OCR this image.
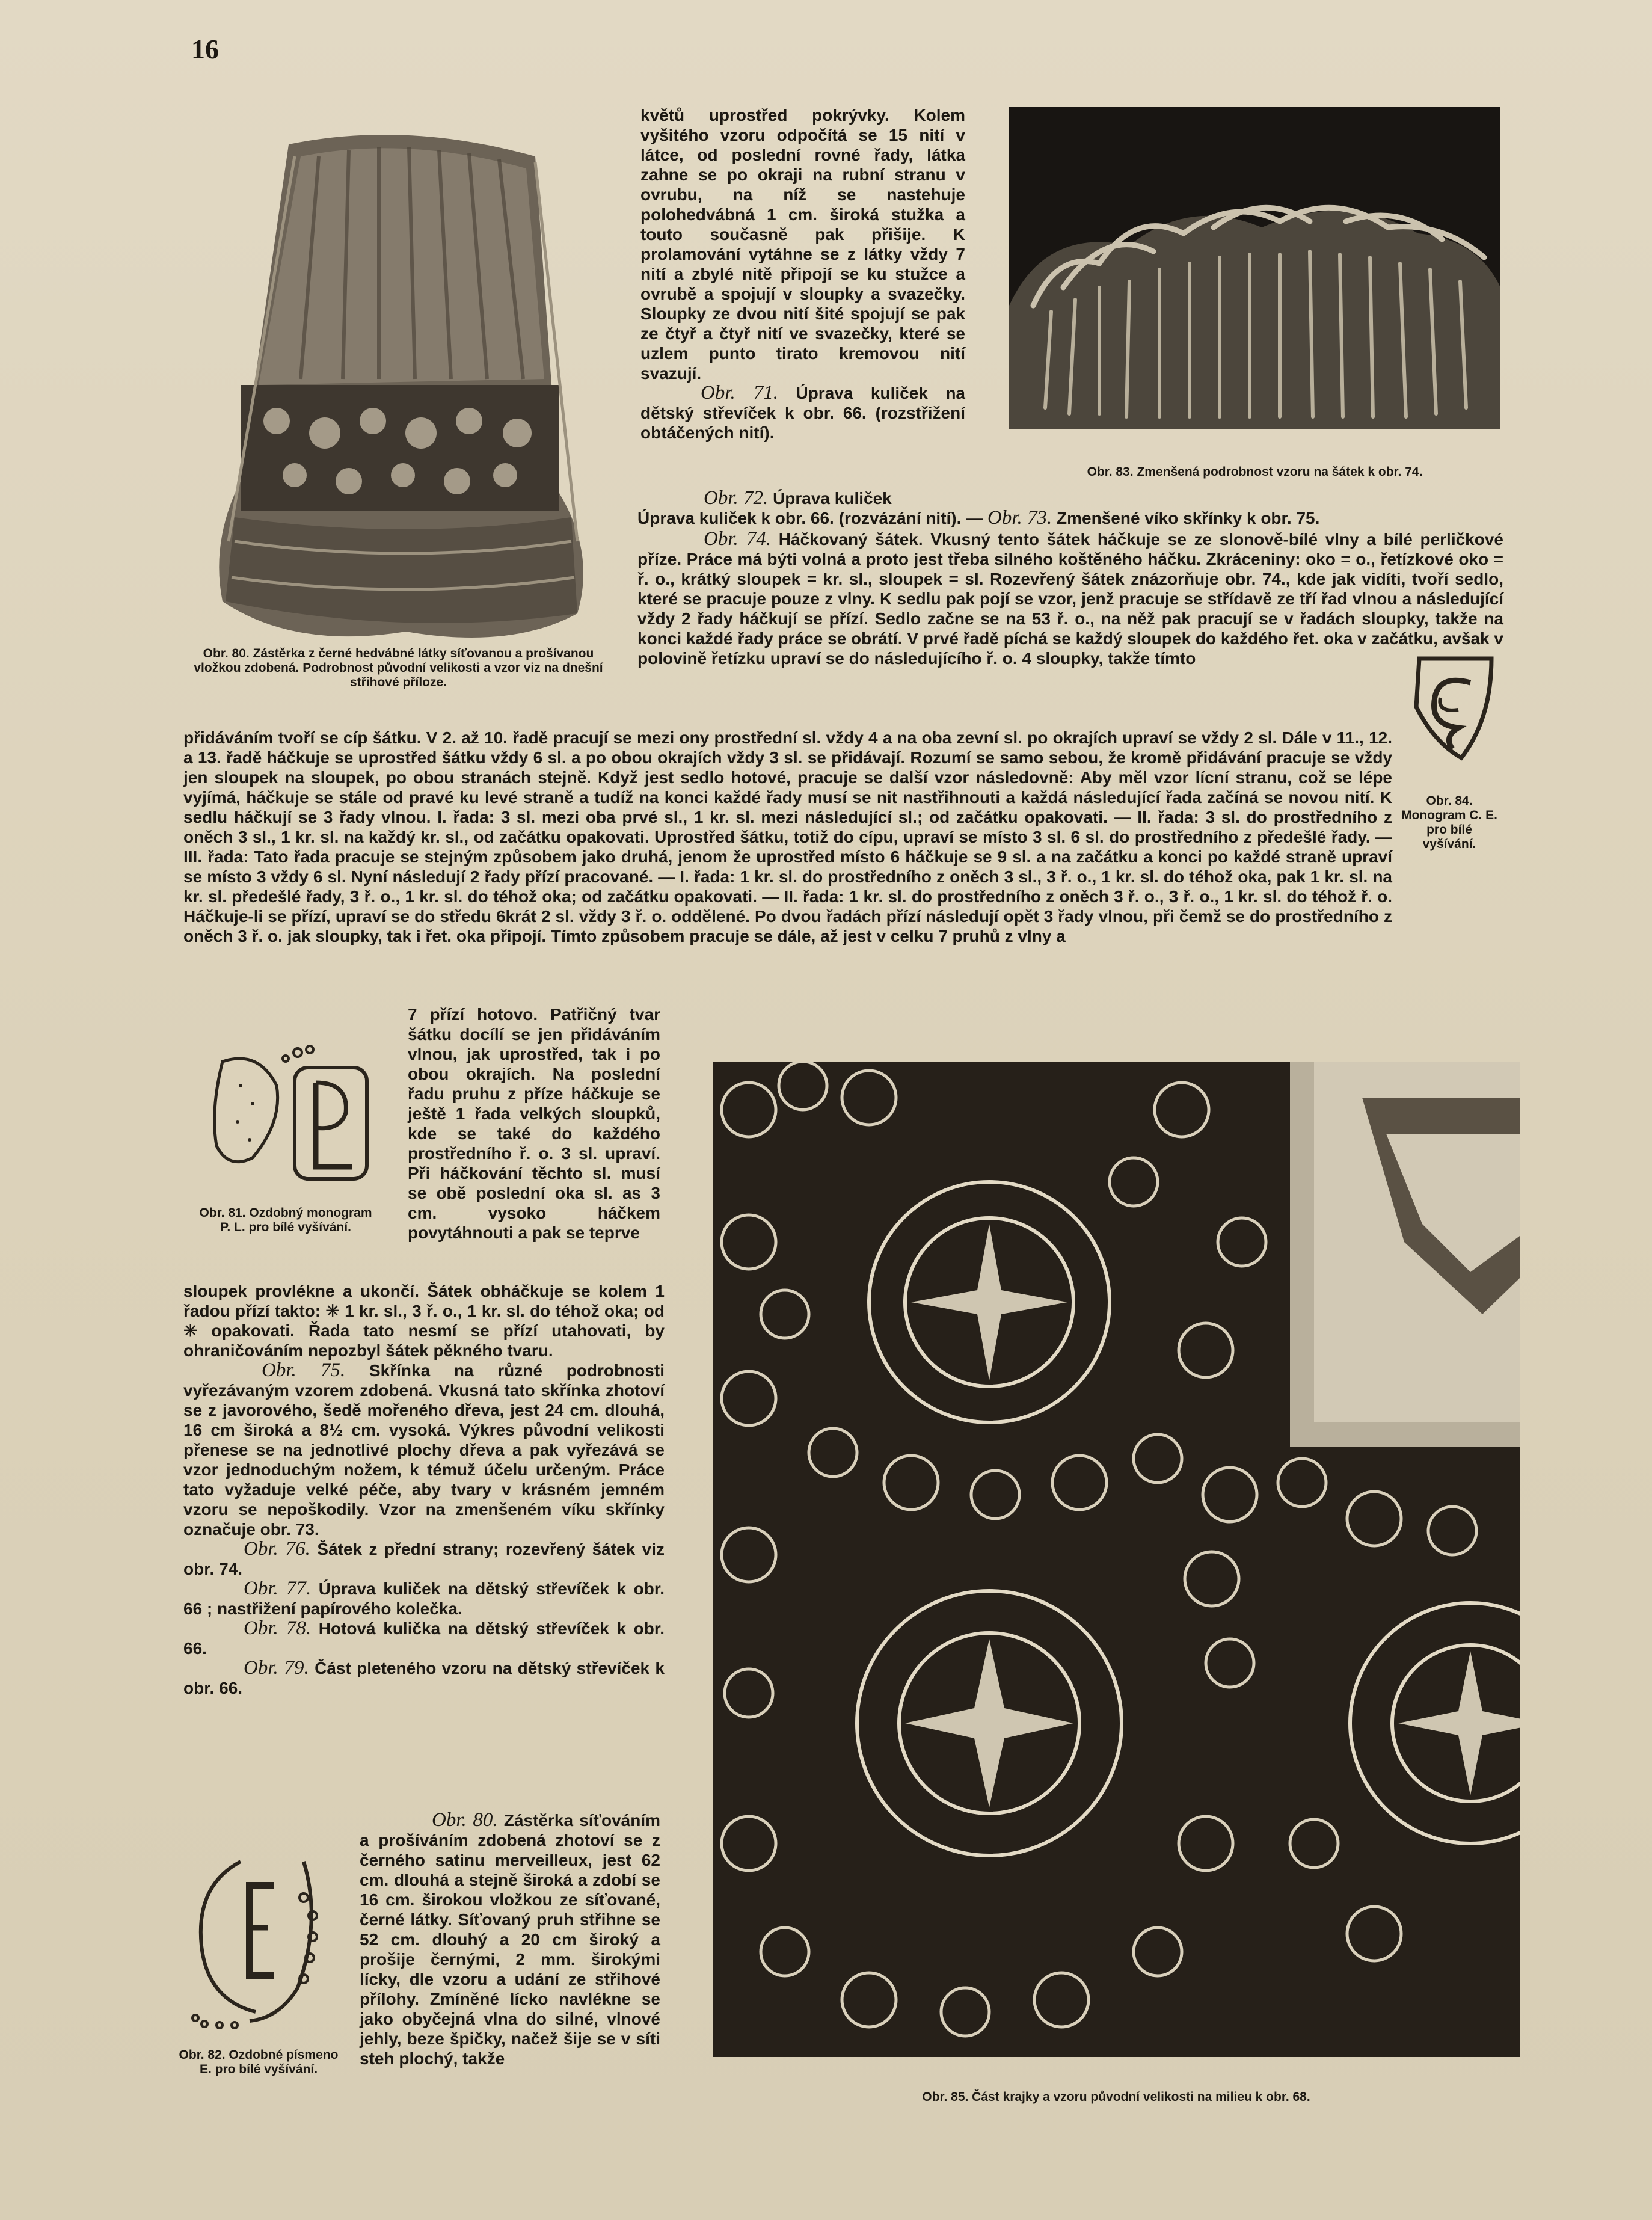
16
Obr. 80. Zástěrka z černé hedvábné látky síťovanou a prošívanou vložkou zdobená. Podrobnost původní velikosti a vzor viz na dnešní střihové příloze.

květů uprostřed pokrývky. Kolem vyšitého vzoru odpočítá se 15 nití v látce, od poslední rovné řady, látka zahne se po okraji na rubní stranu v ovrubu, na níž se nastehuje polohedvábná 1 cm. široká stužka a touto současně pak přišije. K prolamování vytáhne se z látky vždy 7 nití a zbylé nitě připojí se ku stužce a ovrubě a spojují v sloupky a svazečky. Sloupky ze dvou nití šité spojují se pak ze čtyř a čtyř nití ve svazečky, které se uzlem punto tirato kremovou nití svazují.

Obr. 71. Úprava kuliček na dětský střevíček k obr. 66. (rozstřižení obtáčených nití).

Obr. 83. Zmenšená podrobnost vzoru na šátek k obr. 74.

Obr. 72. Úprava kuliček

Úprava kuliček k obr. 66. (rozvázání nití). — Obr. 73. Zmenšené víko skřínky k obr. 75.

Obr. 74. Háčkovaný šátek. Vkusný tento šátek háčkuje se ze slonově-bílé vlny a bílé perličkové příze. Práce má býti volná a proto jest třeba silného koštěného háčku. Zkráceniny: oko = o., řetízkové oko = ř. o., krátký sloupek = kr. sl., sloupek = sl. Rozevřený šátek znázorňuje obr. 74., kde jak vidíti, tvoří sedlo, které se pracuje pouze z vlny. K sedlu pak pojí se vzor, jenž pracuje se střídavě ze tří řad vlnou a následující vždy 2 řady háčkují se přízí. Sedlo začne se na 53 ř. o., na něž pak pracují se v řadách sloupky, takže na konci každé řady práce se obrátí. V prvé řadě píchá se každý sloupek do každého řet. oka v začátku, avšak v polovině řetízku upraví se do následujícího ř. o. 4 sloupky, takže tímto

Obr. 84. Monogram C. E. pro bílé vyšívání.

přidáváním tvoří se cíp šátku. V 2. až 10. řadě pracují se mezi ony prostřední sl. vždy 4 a na oba zevní sl. po okrajích upraví se vždy 2 sl. Dále v 11., 12. a 13. řadě háčkuje se uprostřed šátku vždy 6 sl. a po obou okrajích vždy 3 sl. se přidávají. Rozumí se samo sebou, že kromě přidávání pracuje se vždy jen sloupek na sloupek, po obou stranách stejně. Když jest sedlo hotové, pracuje se další vzor následovně: Aby měl vzor lícní stranu, což se lépe vyjímá, háčkuje se stále od pravé ku levé straně a tudíž na konci každé řady musí se nit nastřihnouti a každá následující řada začíná se novou nití. K sedlu háčkují se 3 řady vlnou. I. řada: 3 sl. mezi oba prvé sl., 1 kr. sl. mezi následující sl.; od začátku opakovati. — II. řada: 3 sl. do prostředního z oněch 3 sl., 1 kr. sl. na každý kr. sl., od začátku opakovati. Uprostřed šátku, totiž do cípu, upraví se místo 3 sl. 6 sl. do prostředního z předešlé řady. — III. řada: Tato řada pracuje se stejným způsobem jako druhá, jenom že uprostřed místo 6 háčkuje se 9 sl. a na začátku a konci po každé straně upraví se místo 3 vždy 6 sl. Nyní následují 2 řady přízí pracované. — I. řada: 1 kr. sl. do prostředního z oněch 3 sl., 3 ř. o., 1 kr. sl. do téhož oka, pak 1 kr. sl. na kr. sl. předešlé řady, 3 ř. o., 1 kr. sl. do téhož oka; od začátku opakovati. — II. řada: 1 kr. sl. do prostředního z oněch 3 ř. o., 3 ř. o., 1 kr. sl. do téhož ř. o. Háčkuje-li se přízí, upraví se do středu 6krát 2 sl. vždy 3 ř. o. oddělené. Po dvou řadách přízí následují opět 3 řady vlnou, při čemž se do prostředního z oněch 3 ř. o. jak sloupky, tak i řet. oka připojí. Tímto způsobem pracuje se dále, až jest v celku 7 pruhů z vlny a

Obr. 81. Ozdobný monogram P. L. pro bílé vyšívání.

7 přízí hotovo. Patřičný tvar šátku docílí se jen přidáváním vlnou, jak uprostřed, tak i po obou okrajích. Na poslední řadu pruhu z příze háčkuje se ještě 1 řada velkých sloupků, kde se také do každého prostředního ř. o. 3 sl. upraví. Při háčkování těchto sl. musí se obě poslední oka sl. as 3 cm. vysoko háčkem povytáhnouti a pak se teprve

sloupek provlékne a ukončí. Šátek obháčkuje se kolem 1 řadou přízí takto: ✳ 1 kr. sl., 3 ř. o., 1 kr. sl. do téhož oka; od ✳ opakovati. Řada tato nesmí se přízí utahovati, by ohraničováním nepozbyl šátek pěkného tvaru.

Obr. 75. Skřínka na různé podrobnosti vyřezávaným vzorem zdobená. Vkusná tato skřínka zhotoví se z javorového, šedě mořeného dřeva, jest 24 cm. dlouhá, 16 cm široká a 8½ cm. vysoká. Výkres původní velikosti přenese se na jednotlivé plochy dřeva a pak vyřezává se vzor jednoduchým nožem, k témuž účelu určeným. Práce tato vyžaduje velké péče, aby tvary v krásném jemném vzoru se nepoškodily. Vzor na zmenšeném víku skřínky označuje obr. 73.

Obr. 76. Šátek z přední strany; rozevřený šátek viz obr. 74.

Obr. 77. Úprava kuliček na dětský střevíček k obr. 66 ; nastřižení papírového kolečka.

Obr. 78. Hotová kulička na dětský střevíček k obr. 66.

Obr. 79. Část pleteného vzoru na dětský střevíček k obr. 66.

Obr. 82. Ozdobné písmeno E. pro bílé vyšívání.

Obr. 80. Zástěrka síťováním a prošíváním zdobená zhotoví se z černého satinu merveilleux, jest 62 cm. dlouhá a stejně široká a zdobí se 16 cm. širokou vložkou ze síťované, černé látky. Síťovaný pruh střihne se 52 cm. dlouhý a 20 cm široký a prošije černými, 2 mm. širokými lícky, dle vzoru a udání ze střihové přílohy. Zmíněné lícko navlékne se jako obyčejná vlna do silné, vlnové jehly, beze špičky, načež šije se v síti steh plochý, takže

Obr. 85. Část krajky a vzoru původní velikosti na milieu k obr. 68.
